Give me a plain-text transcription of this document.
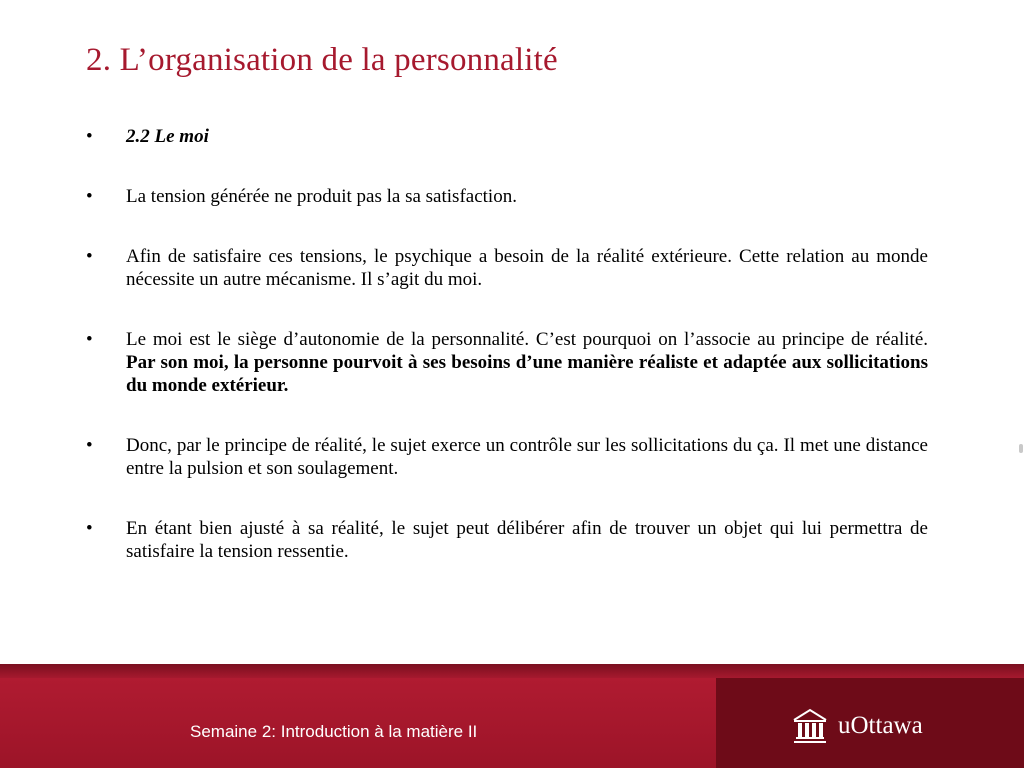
2. L’organisation de la personnalité
•	2.2 Le moi
•	La tension générée ne produit pas la sa satisfaction.
•	Afin de satisfaire ces tensions, le psychique a besoin de la réalité extérieure. Cette relation au monde nécessite un autre mécanisme. Il s’agit du moi.
•	Le moi est le siège d’autonomie de la personnalité. C’est pourquoi on l’associe au principe de réalité. Par son moi, la personne pourvoit à ses besoins d’une manière réaliste et adaptée aux sollicitations du monde extérieur.
•	Donc, par le principe de réalité, le sujet exerce un contrôle sur les sollicitations du ça. Il met une distance entre la pulsion et son soulagement.
•	En étant bien ajusté à sa réalité, le sujet peut délibérer afin de trouver un objet qui lui permettra de satisfaire la tension ressentie.
Semaine 2: Introduction à la matière II	uOttawa
